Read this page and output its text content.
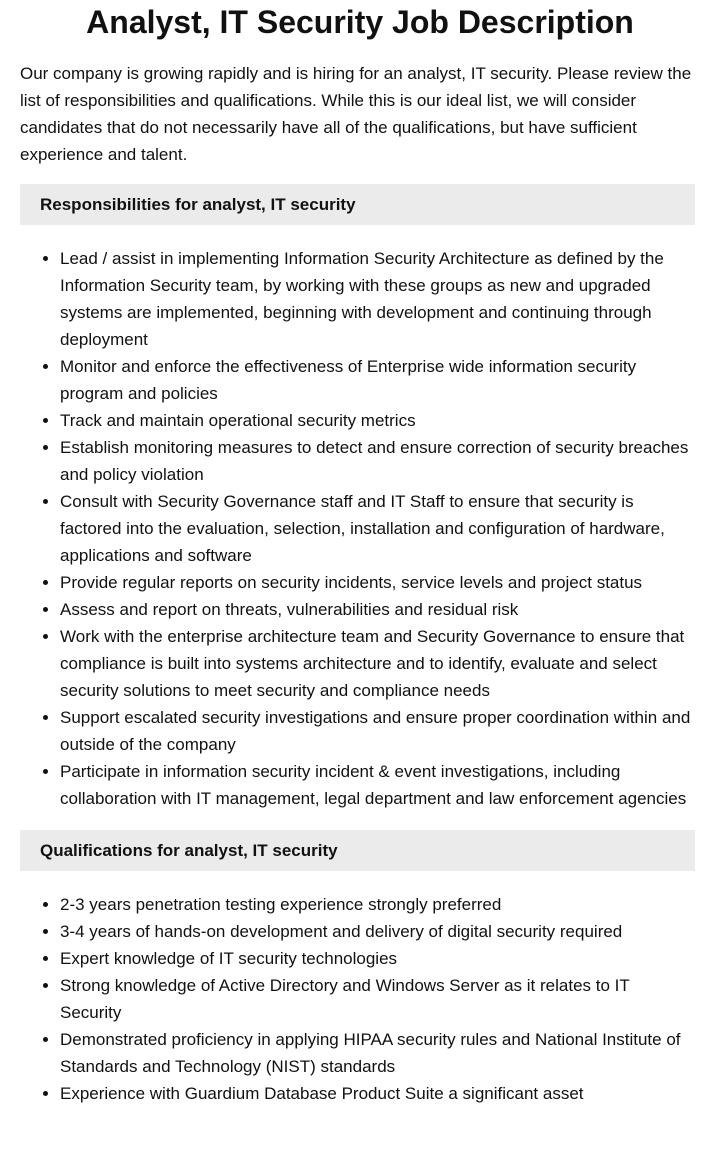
Analyst, IT Security Job Description

Our company is growing rapidly and is hiring for an analyst, IT security. Please review the list of responsibilities and qualifications. While this is our ideal list, we will consider candidates that do not necessarily have all of the qualifications, but have sufficient experience and talent.

Responsibilities for analyst, IT security
• Lead / assist in implementing Information Security Architecture as defined by the Information Security team, by working with these groups as new and upgraded systems are implemented, beginning with development and continuing through deployment
• Monitor and enforce the effectiveness of Enterprise wide information security program and policies
• Track and maintain operational security metrics
• Establish monitoring measures to detect and ensure correction of security breaches and policy violation
• Consult with Security Governance staff and IT Staff to ensure that security is factored into the evaluation, selection, installation and configuration of hardware, applications and software
• Provide regular reports on security incidents, service levels and project status
• Assess and report on threats, vulnerabilities and residual risk
• Work with the enterprise architecture team and Security Governance to ensure that compliance is built into systems architecture and to identify, evaluate and select security solutions to meet security and compliance needs
• Support escalated security investigations and ensure proper coordination within and outside of the company
• Participate in information security incident & event investigations, including collaboration with IT management, legal department and law enforcement agencies
Qualifications for analyst, IT security
• 2-3 years penetration testing experience strongly preferred
• 3-4 years of hands-on development and delivery of digital security required
• Expert knowledge of IT security technologies
• Strong knowledge of Active Directory and Windows Server as it relates to IT Security
• Demonstrated proficiency in applying HIPAA security rules and National Institute of Standards and Technology (NIST) standards
• Experience with Guardium Database Product Suite a significant asset
